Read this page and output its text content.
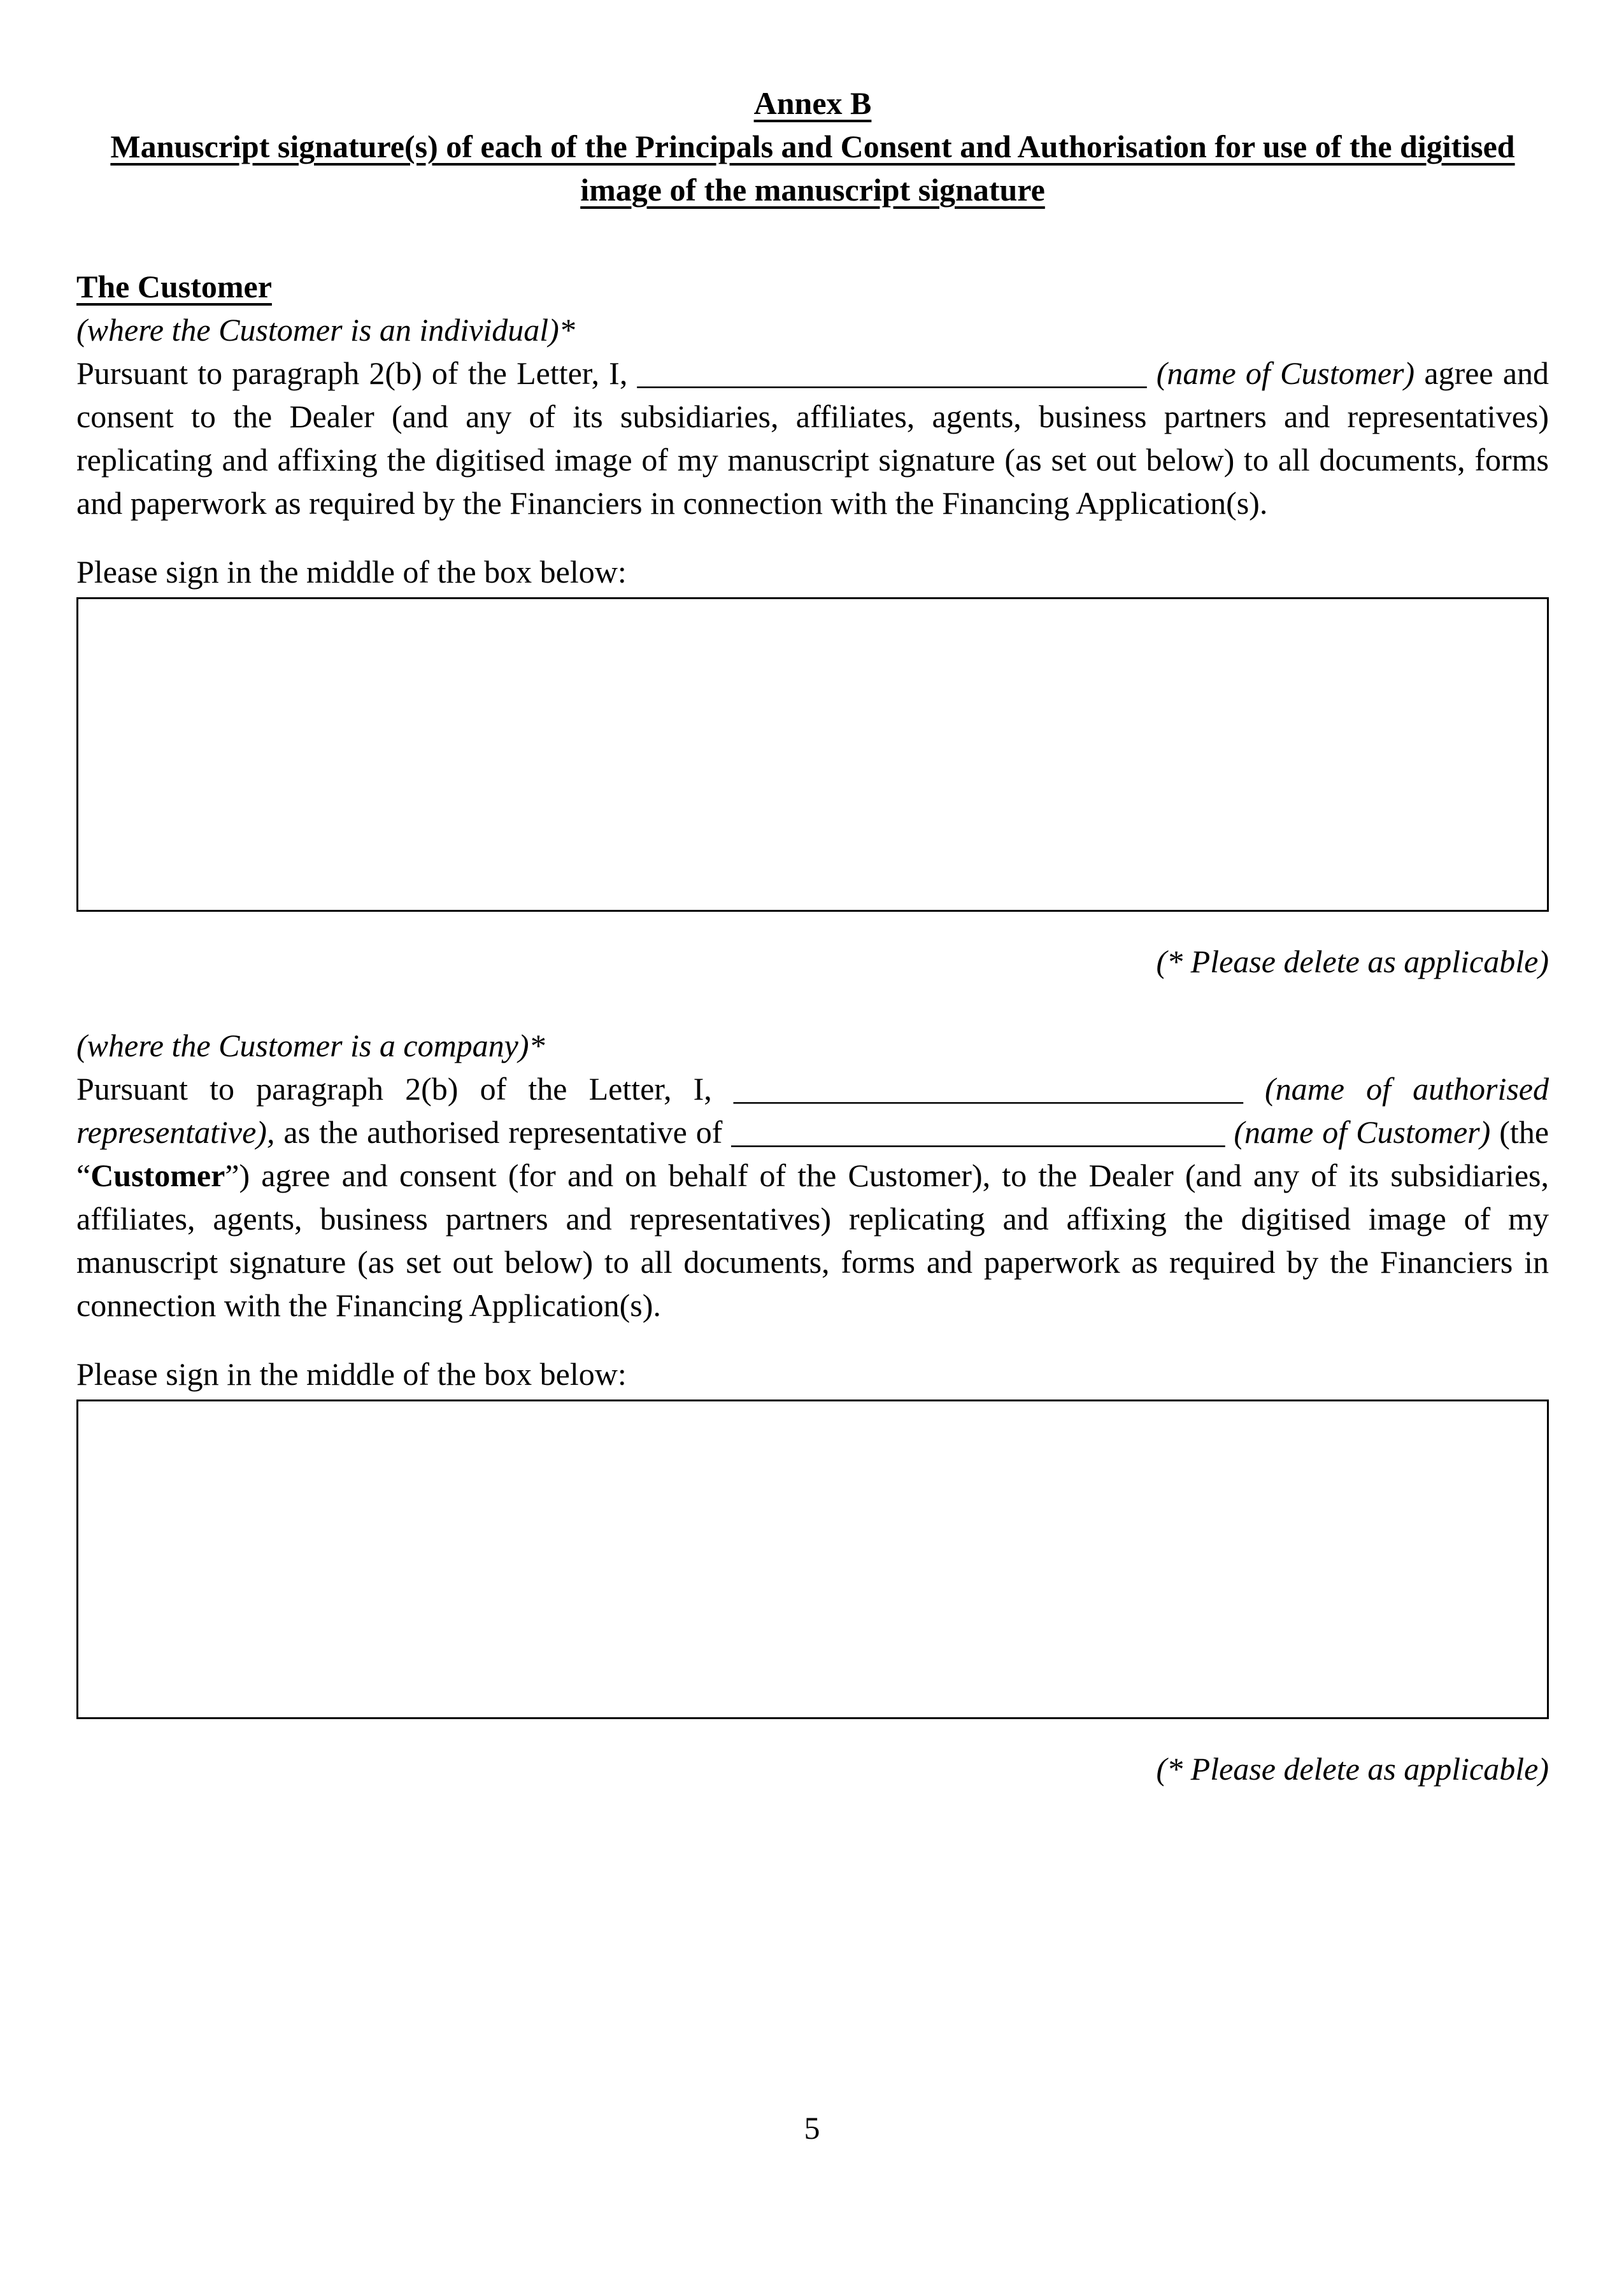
Annex B
Manuscript signature(s) of each of the Principals and Consent and Authorisation for use of the digitised
image of the manuscript signature
The Customer
(where the Customer is an individual)*

Pursuant to paragraph 2(b) of the Letter, I, ________________________________ (name of Customer) agree and consent to the Dealer (and any of its subsidiaries, affiliates, agents, business partners and representatives) replicating and affixing the digitised image of my manuscript signature (as set out below) to all documents, forms and paperwork as required by the Financiers in connection with the Financing Application(s).

Please sign in the middle of the box below:
(* Please delete as applicable)
(where the Customer is a company)*

Pursuant to paragraph 2(b) of the Letter, I, ________________________________ (name of authorised representative), as the authorised representative of _______________________________ (name of Customer) (the “Customer”) agree and consent (for and on behalf of the Customer), to the Dealer (and any of its subsidiaries, affiliates, agents, business partners and representatives) replicating and affixing the digitised image of my manuscript signature (as set out below) to all documents, forms and paperwork as required by the Financiers in connection with the Financing Application(s).

Please sign in the middle of the box below:
(* Please delete as applicable)
5
